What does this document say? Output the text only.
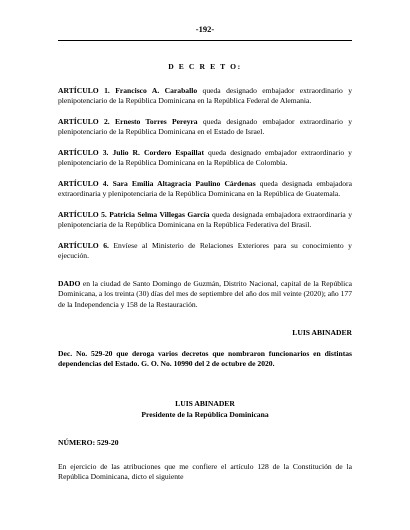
-192-
D E C R E T O:

ARTÍCULO 1. Francisco A. Caraballo queda designado embajador extraordinario y plenipotenciario de la República Dominicana en la República Federal de Alemania.

ARTÍCULO 2. Ernesto Torres Pereyra queda designado embajador extraordinario y plenipotenciario de la República Dominicana en el Estado de Israel.

ARTÍCULO 3. Julio R. Cordero Espaillat queda designado embajador extraordinario y plenipotenciario de la República Dominicana en la República de Colombia.

ARTÍCULO 4. Sara Emilia Altagracia Paulino Cárdenas queda designada embajadora extraordinaria y plenipotenciaria de la República Dominicana en la República de Guatemala.

ARTÍCULO 5. Patricia Selma Villegas García queda designada embajadora extraordinaria y plenipotenciaria de la República Dominicana en la República Federativa del Brasil.

ARTÍCULO 6. Envíese al Ministerio de Relaciones Exteriores para su conocimiento y ejecución.

DADO en la ciudad de Santo Domingo de Guzmán, Distrito Nacional, capital de la República Dominicana, a los treinta (30) días del mes de septiembre del año dos mil veinte (2020); año 177 de la Independencia y 158 de la Restauración.

LUIS ABINADER

Dec. No. 529-20 que deroga varios decretos que nombraron funcionarios en distintas dependencias del Estado. G. O. No. 10990 del 2 de octubre de 2020.

LUIS ABINADER
Presidente de la República Dominicana
NÚMERO: 529-20

En ejercicio de las atribuciones que me confiere el artículo 128 de la Constitución de la República Dominicana, dicto el siguiente
